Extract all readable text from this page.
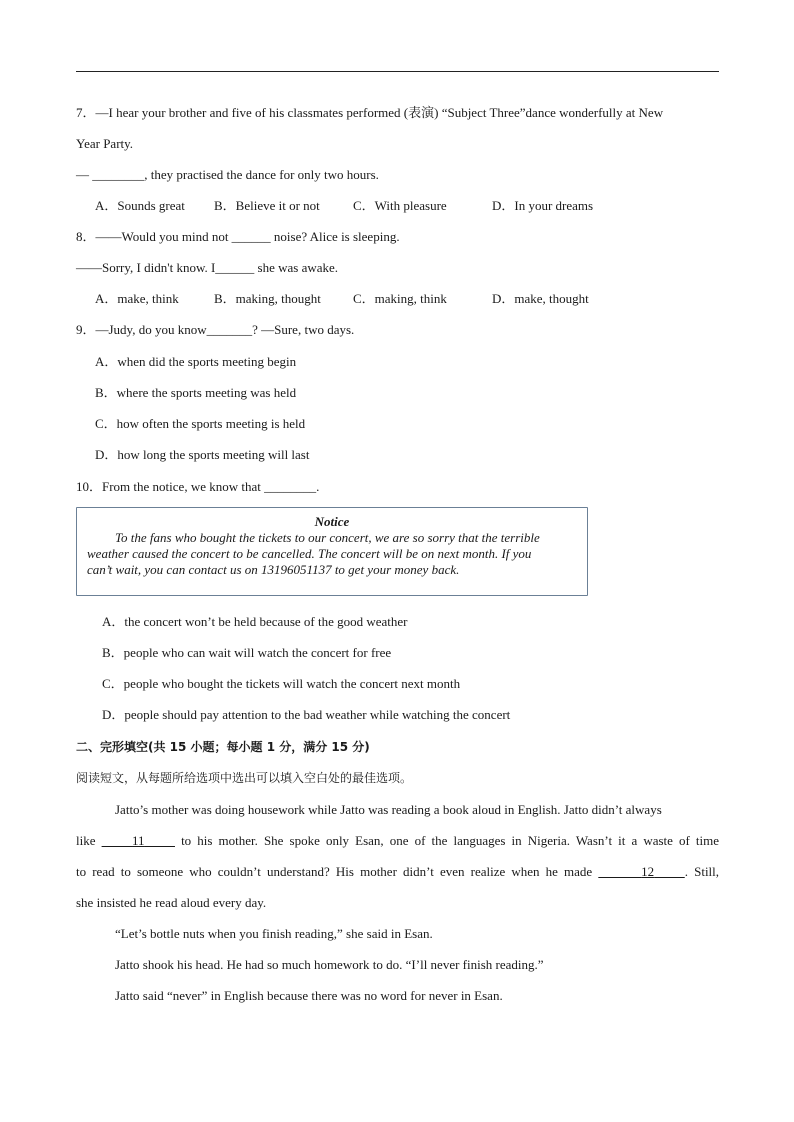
7．—I hear your brother and five of his classmates performed (表演) “Subject Three”dance wonderfully at New
Year Party.
— ________, they practised the dance for only two hours.
A．Sounds great B．Believe it or not	C．With pleasure	D．In your dreams
8．——Would you mind not ______ noise? Alice is sleeping.
——Sorry, I didn't know. I______ she was awake.
A．make, think	B．making, thought C．making, think	D．make, thought
9．—Judy, do you know_______? —Sure, two days.
A．when did the sports meeting begin
B．where the sports meeting was held
C．how often the sports meeting is held
D．how long the sports meeting will last
10．From the notice, we know that ________.
Notice
To the fans who bought the tickets to our concert, we are so sorry that the terrible
weather caused the concert to be cancelled. The concert will be on next month. If you
can’t wait, you can contact us on 13196051137 to get your money back.
A．the concert won’t be held because of the good weather
B．people who can wait will watch the concert for free
C．people who bought the tickets will watch the concert next month
D．people should pay attention to the bad weather while watching the concert
二、完形填空(共 15 小题；每小题 1 分，满分 15 分)
阅读短文，从每题所给选项中选出可以填入空白处的最佳选项。
Jatto’s mother was doing housework while Jatto was reading a book aloud in English. Jatto didn’t always
like	11	to his mother. She spoke only Esan, one of the languages in Nigeria. Wasn’t it a waste of time
to read to someone who couldn’t understand? His mother didn’t even realize when he made	12 . Still,
she insisted he read aloud every day.
“Let’s bottle nuts when you finish reading,” she said in Esan.
Jatto shook his head. He had so much homework to do. “I’ll never finish reading.”
Jatto said “never” in English because there was no word for never in Esan.
